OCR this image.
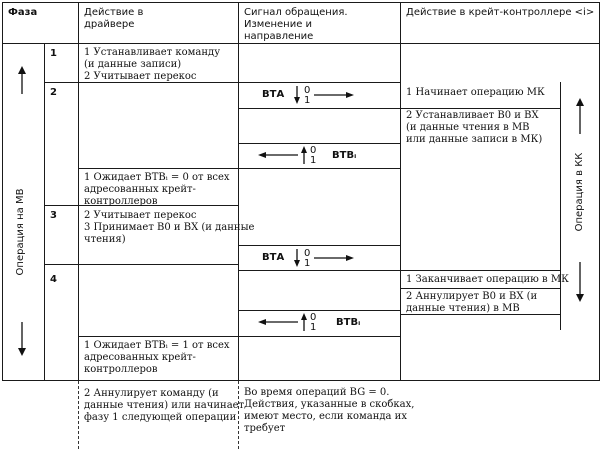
Фаза	Действие в
драйвере

Сигнал обращения.
Изменение и
направление

Действие в крейт-контроллере <i>

Операция на МВ	Операция в КК
1
2
3
4

1 Устанавливает команду
(и данные записи)
2 Учитывает перекос

1 Ожидает ВТВᵢ = 0 от всех
адресованных крейт-
контроллеров

2 Учитывает перекос
3 Принимает В0 и ВХ (и данные
чтения)

1 Ожидает ВТВᵢ = 1 от всех
адресованных крейт-
контроллеров

2 Аннулирует команду (и
данные чтения) или начинает
фазу 1 следующей операции

ВТА 0
1
0
1 ВТВᵢ
ВТА 0
1
0
1 ВТВᵢ

Во время операций BG = 0.
Действия, указанные в скобках,
имеют место, если команда их
требует

1 Начинает операцию МК

2 Устанавливает В0 и ВХ
(и данные чтения в МВ
или данные записи в МК)

1 Заканчивает операцию в МК

2 Аннулирует В0 и ВХ (и
данные чтения) в МВ
